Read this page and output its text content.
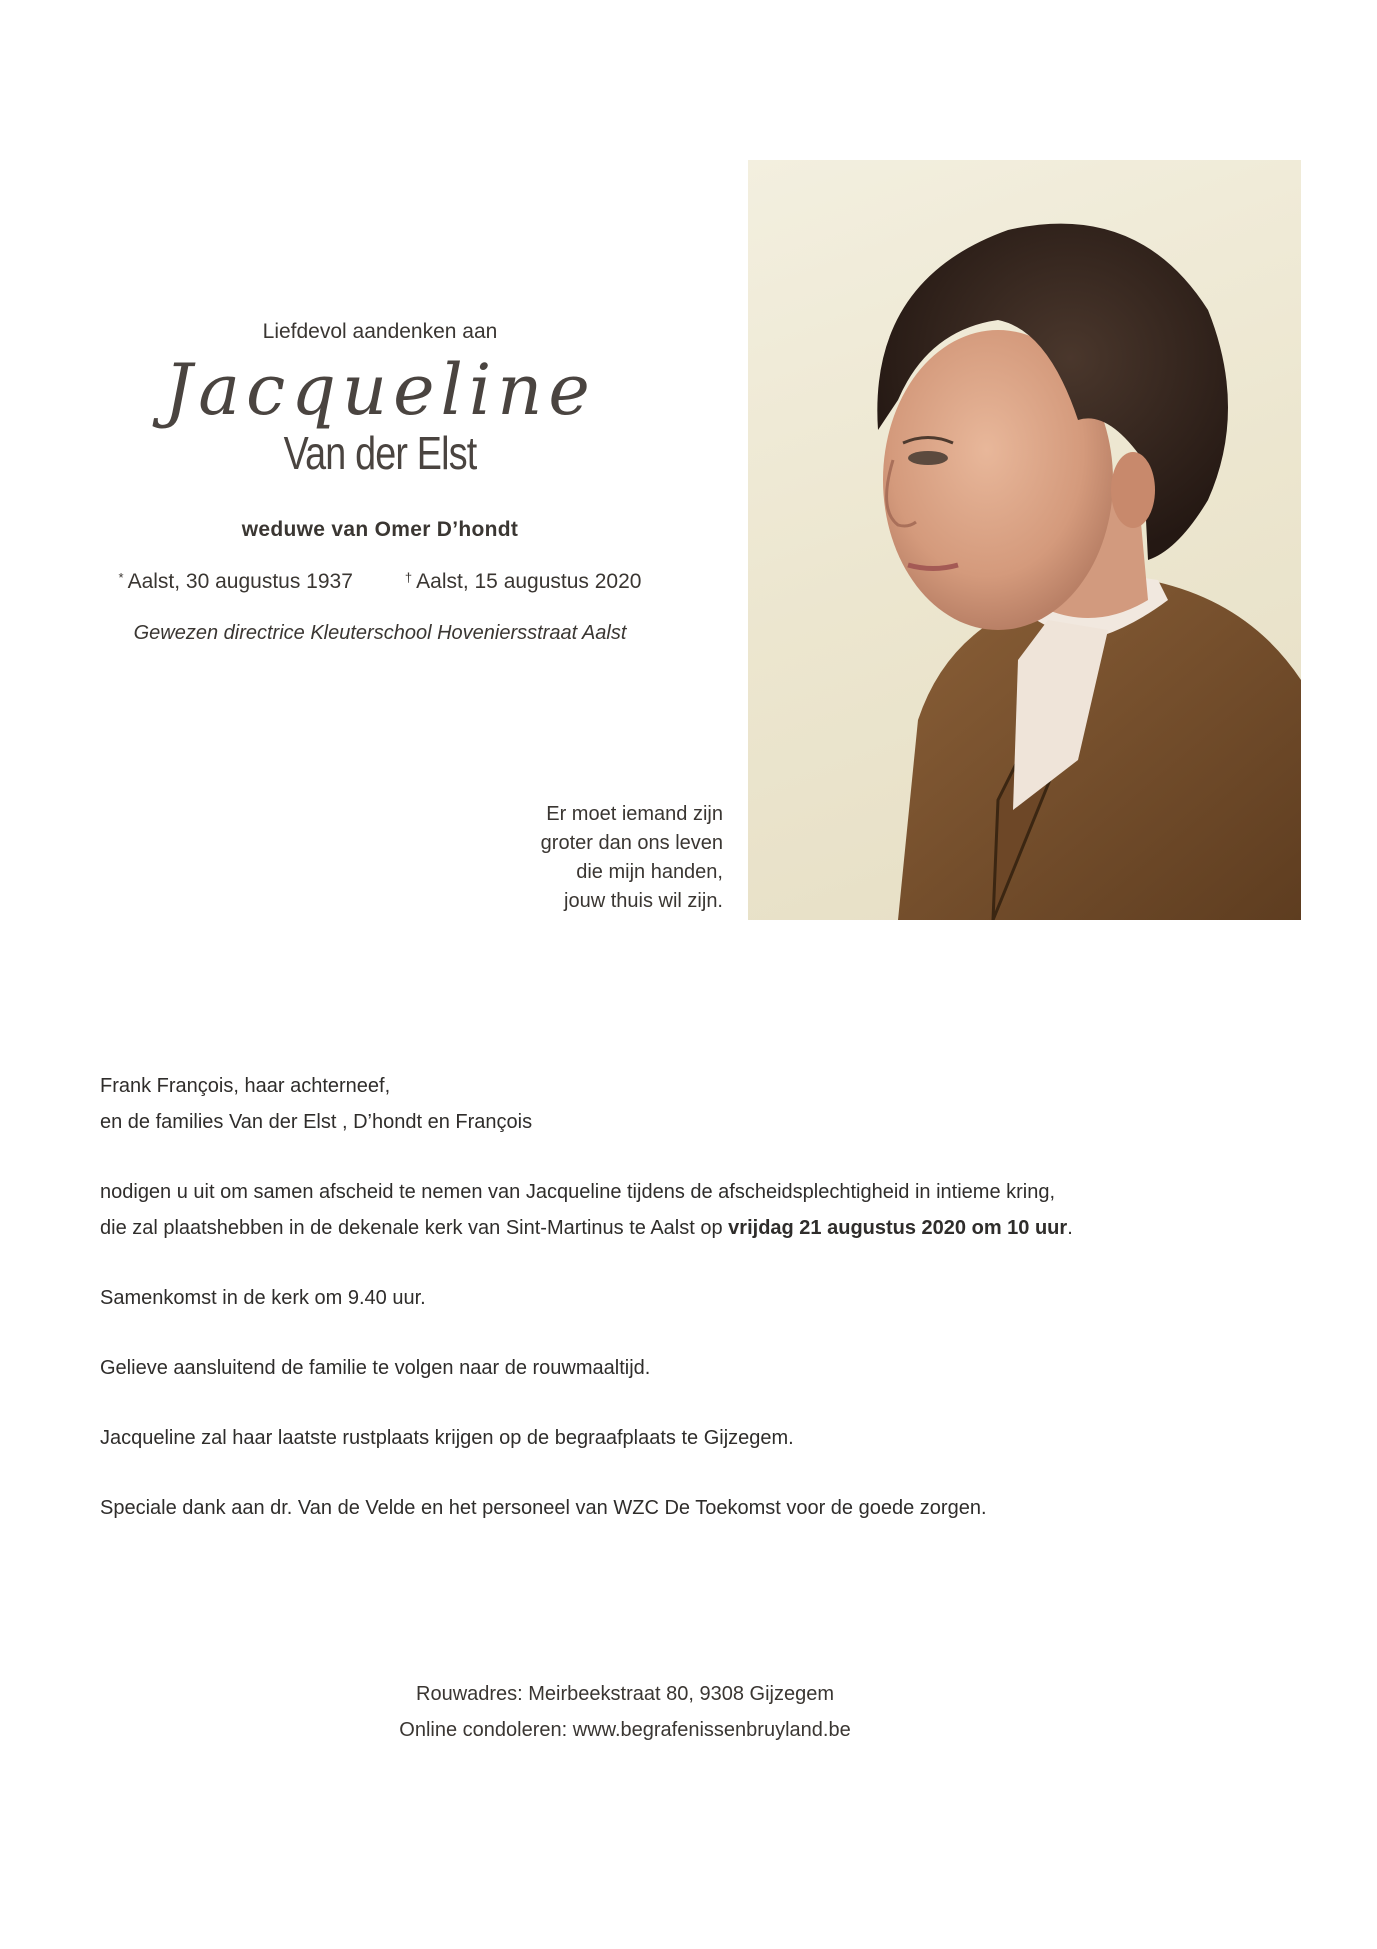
Liefdevol aandenken aan

Jacqueline

Van der Elst

weduwe van Omer D’hondt

* Aalst, 30 augustus 1937	† Aalst, 15 augustus 2020

Gewezen directrice Kleuterschool Hoveniersstraat Aalst

Er moet iemand zijn

groter dan ons leven

die mijn handen,

jouw thuis wil zijn.

Frank François, haar achterneef,

en de families Van der Elst , D’hondt en François

nodigen u uit om samen afscheid te nemen van Jacqueline tijdens de afscheidsplechtigheid in intieme kring,

die zal plaatshebben in de dekenale kerk van Sint-Martinus te Aalst op vrijdag 21 augustus 2020 om 10 uur.

Samenkomst in de kerk om 9.40 uur.

Gelieve aansluitend de familie te volgen naar de rouwmaaltijd.

Jacqueline zal haar laatste rustplaats krijgen op de begraafplaats te Gijzegem.

Speciale dank aan dr. Van de Velde en het personeel van WZC De Toekomst voor de goede zorgen.

Rouwadres: Meirbeekstraat 80, 9308 Gijzegem

Online condoleren: www.begrafenissenbruyland.be
